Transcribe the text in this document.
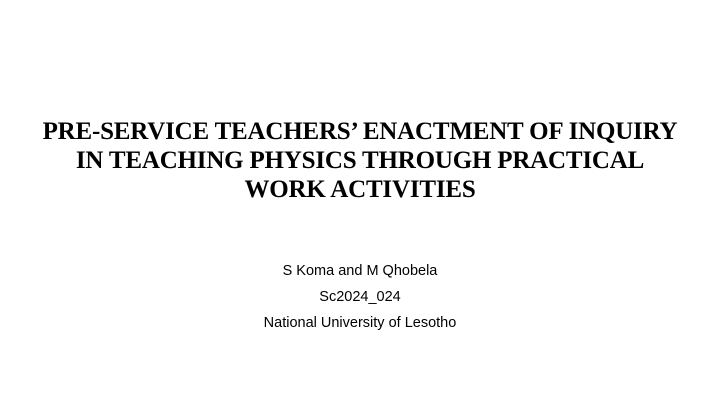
PRE-SERVICE TEACHERS’ ENACTMENT OF INQUIRY
IN TEACHING PHYSICS THROUGH PRACTICAL
WORK ACTIVITIES
S Koma and M Qhobela
Sc2024_024
National University of Lesotho
